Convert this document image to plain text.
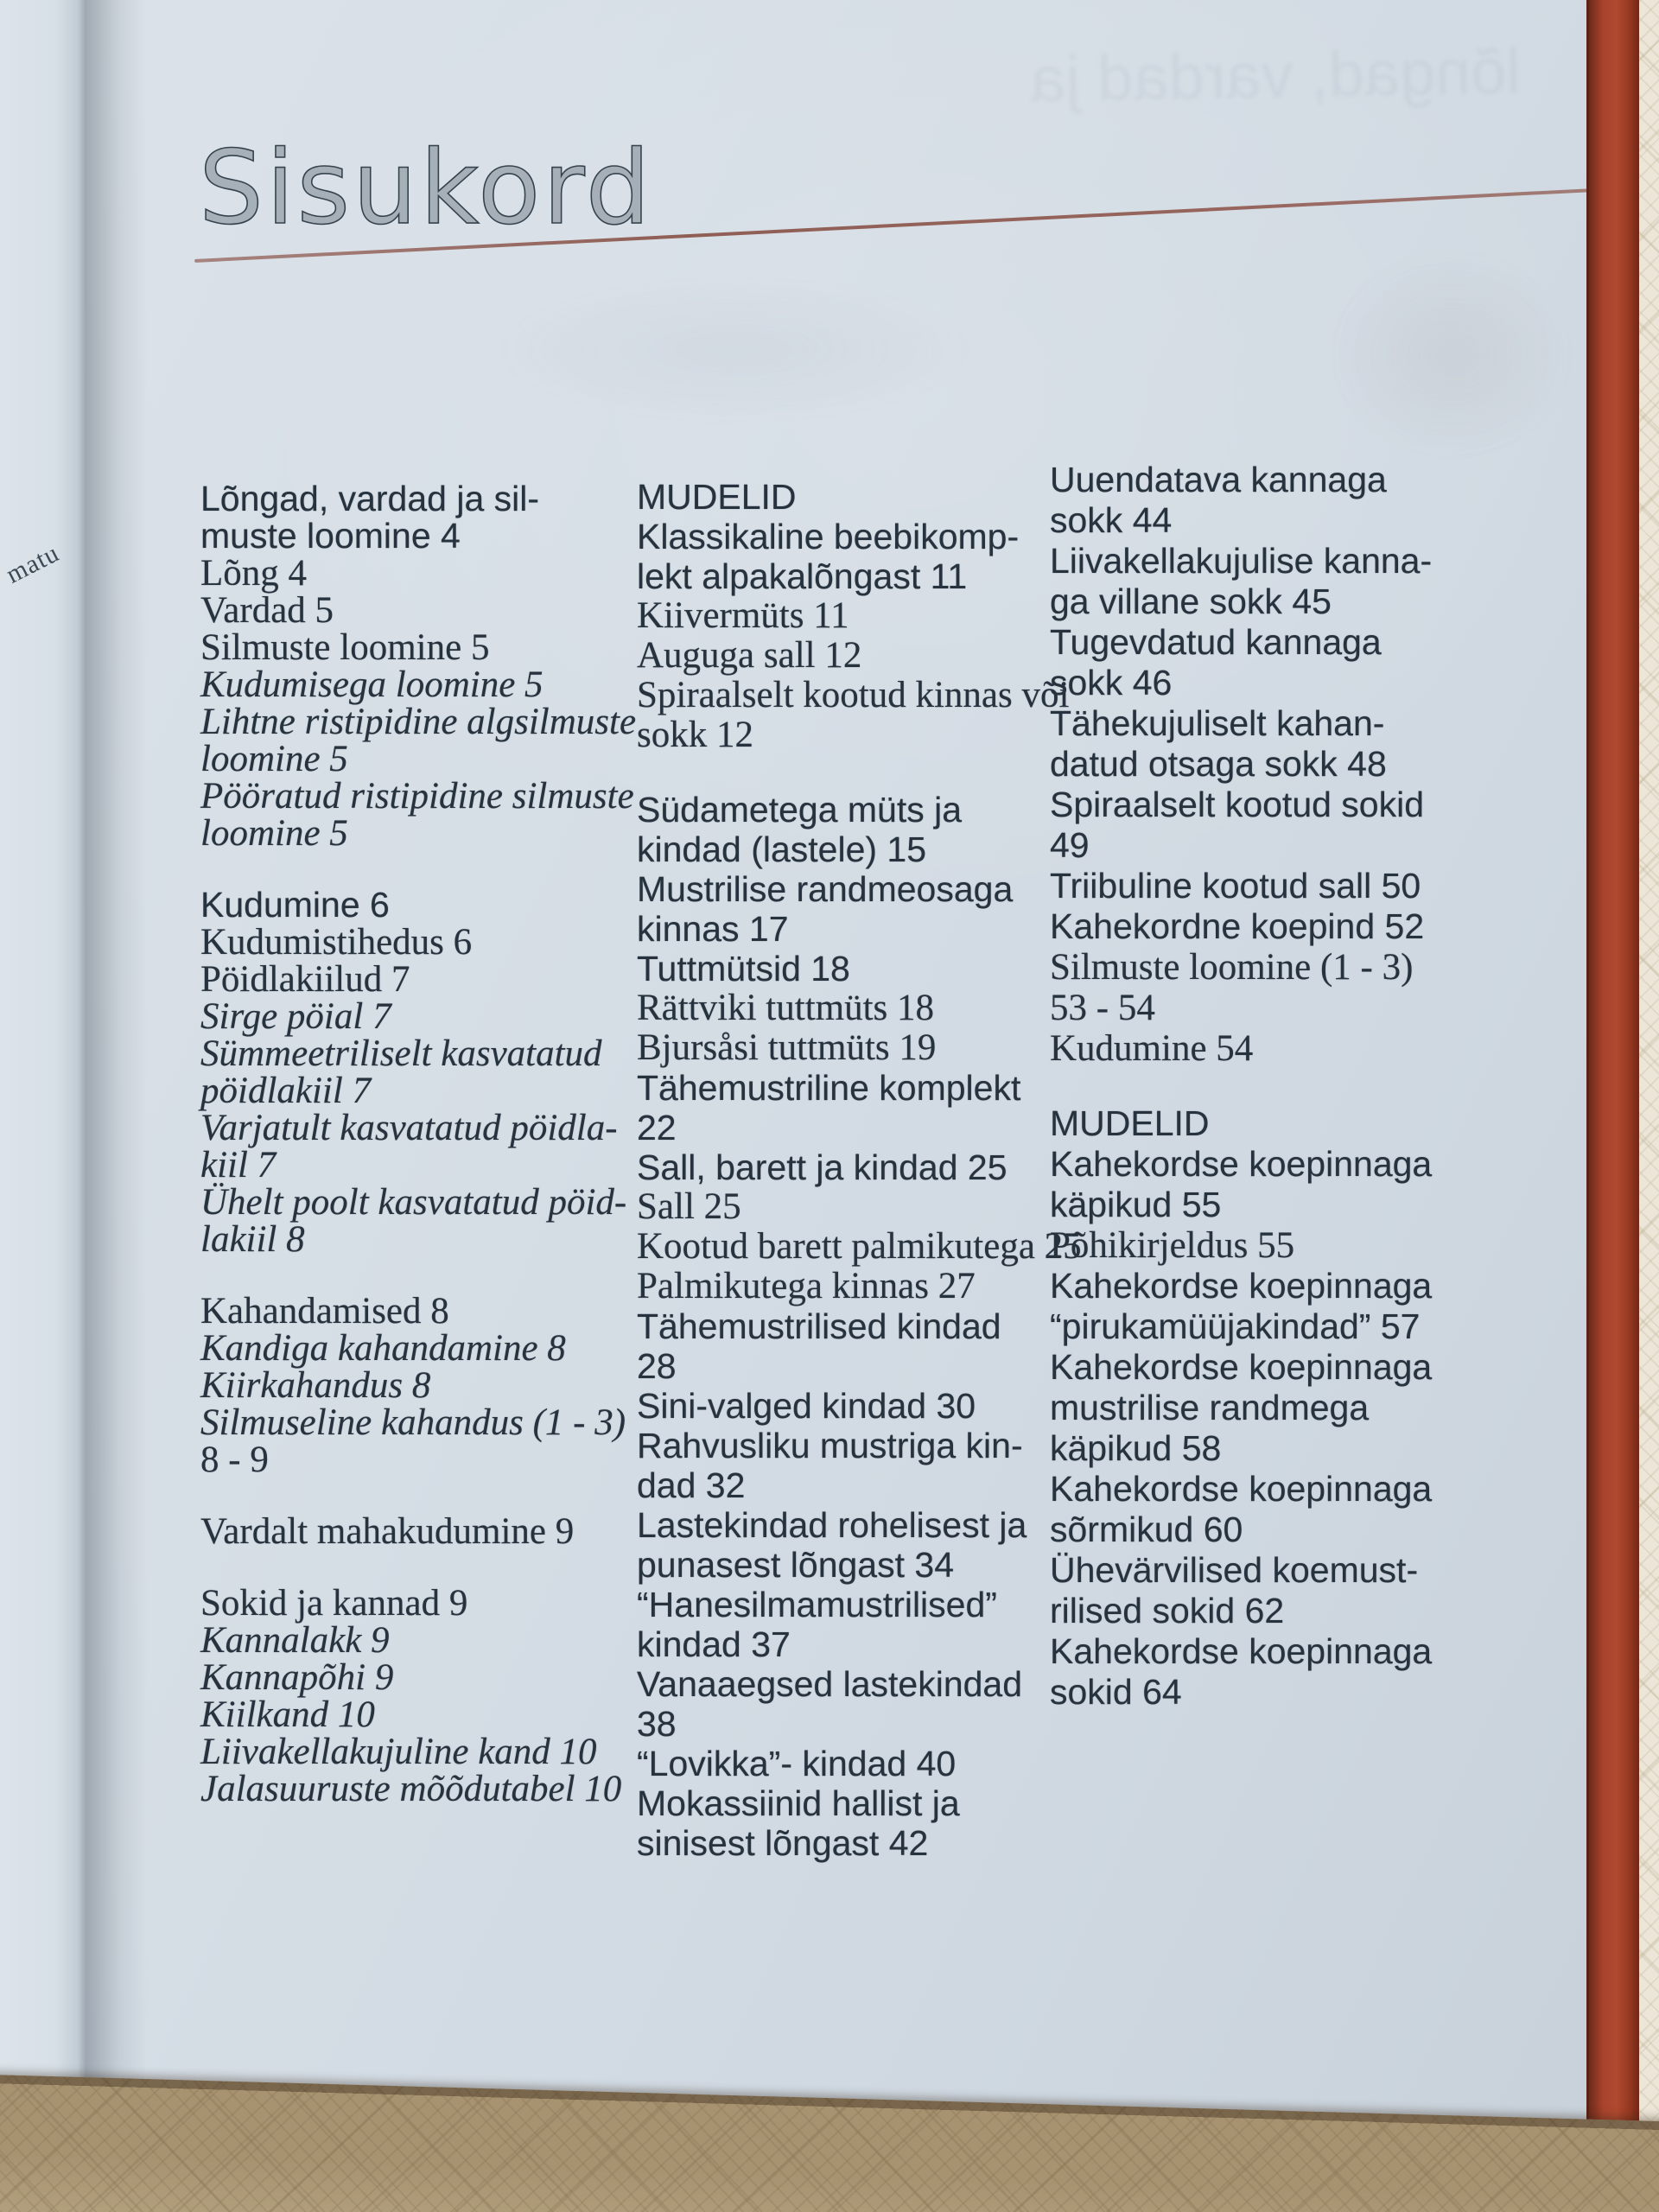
matu
lõngad, vardad ja
Sisukord
Lõngad, vardad ja sil-
muste loomine 4
Lõng 4
Vardad 5
Silmuste loomine 5
Kudumisega loomine 5
Lihtne ristipidine algsilmuste
loomine 5
Pööratud ristipidine silmuste
loomine 5
Kudumine 6
Kudumistihedus 6
Pöidlakiilud 7
Sirge pöial 7
Sümmeetriliselt kasvatatud
pöidlakiil 7
Varjatult kasvatatud pöidla-
kiil 7
Ühelt poolt kasvatatud pöid-
lakiil 8
Kahandamised 8
Kandiga kahandamine 8
Kiirkahandus 8
Silmuseline kahandus (1 - 3)
8 - 9
Vardalt mahakudumine 9
Sokid ja kannad 9
Kannalakk 9
Kannapõhi 9
Kiilkand 10
Liivakellakujuline kand 10
Jalasuuruste mõõdutabel 10
MUDELID
Klassikaline beebikomp-
lekt alpakalõngast 11
Kiivermüts 11
Auguga sall 12
Spiraalselt kootud kinnas või
sokk 12
Südametega müts ja
kindad (lastele) 15
Mustrilise randmeosaga
kinnas 17
Tuttmütsid 18
Rättviki tuttmüts 18
Bjursåsi tuttmüts 19
Tähemustriline komplekt
22
Sall, barett ja kindad 25
Sall 25
Kootud barett palmikutega 25
Palmikutega kinnas 27
Tähemustrilised kindad
28
Sini-valged kindad 30
Rahvusliku mustriga kin-
dad 32
Lastekindad rohelisest ja
punasest lõngast 34
“Hanesilmamustrilised”
kindad 37
Vanaaegsed lastekindad
38
“Lovikka”- kindad 40
Mokassiinid hallist ja
sinisest lõngast 42
Uuendatava kannaga
sokk 44
Liivakellakujulise kanna-
ga villane sokk 45
Tugevdatud kannaga
sokk 46
Tähekujuliselt kahan-
datud otsaga sokk 48
Spiraalselt kootud sokid
49
Triibuline kootud sall 50
Kahekordne koepind 52
Silmuste loomine (1 - 3)
53 - 54
Kudumine 54
MUDELID
Kahekordse koepinnaga
käpikud 55
Põhikirjeldus 55
Kahekordse koepinnaga
“pirukamüüjakindad” 57
Kahekordse koepinnaga
mustrilise randmega
käpikud 58
Kahekordse koepinnaga
sõrmikud 60
Ühevärvilised koemust-
rilised sokid 62
Kahekordse koepinnaga
sokid 64
